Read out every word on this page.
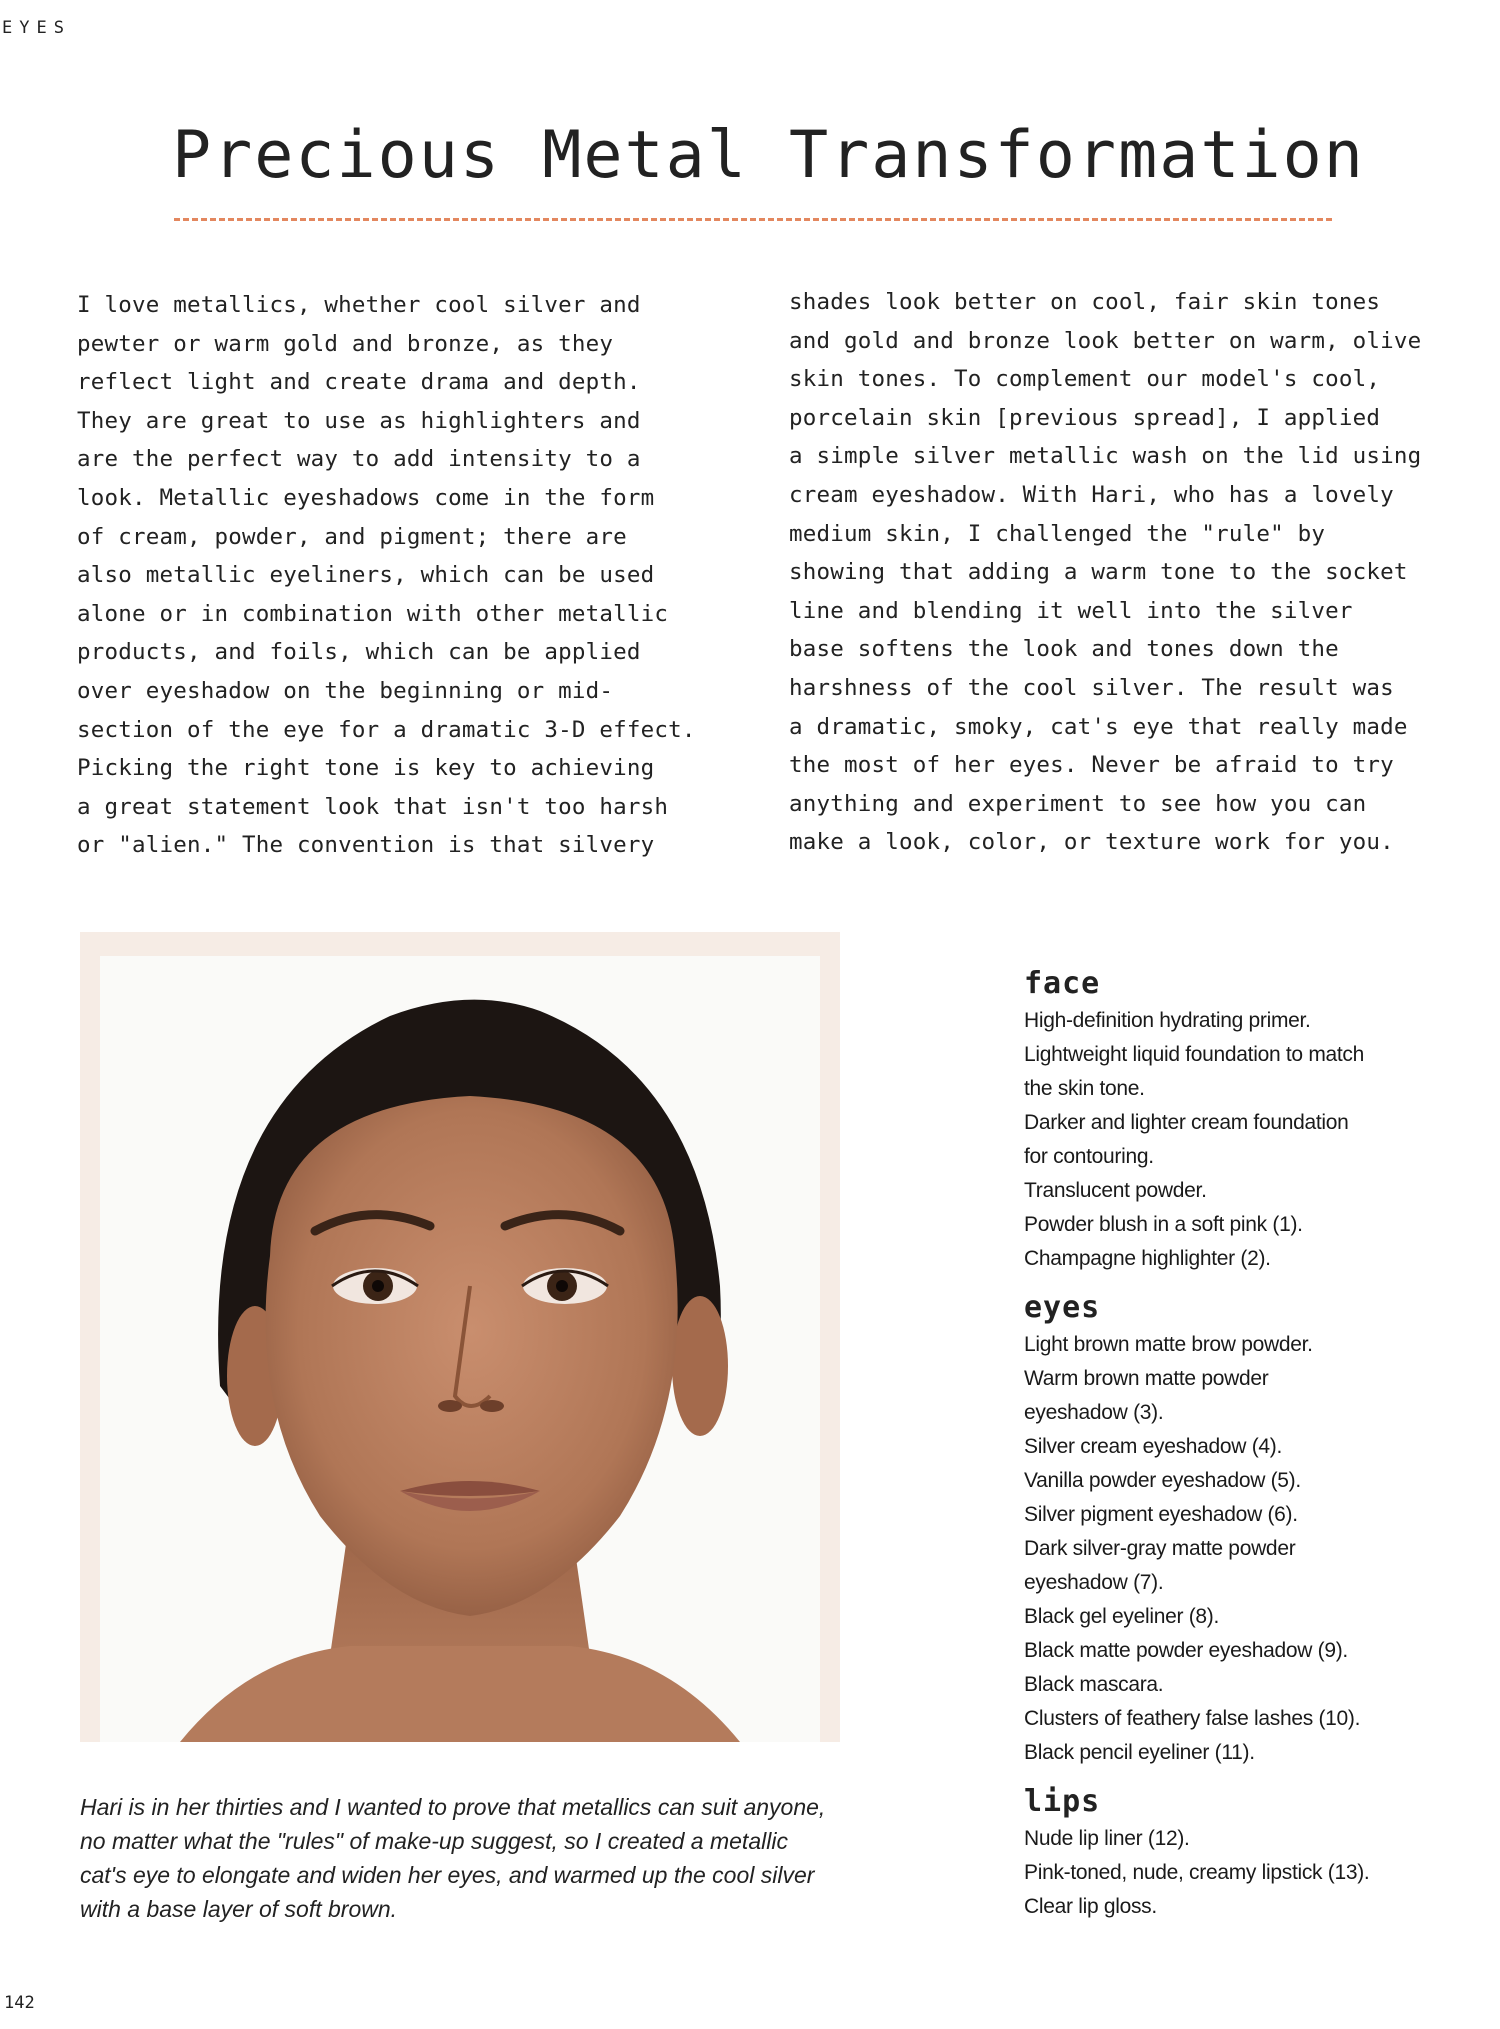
EYES
Precious Metal Transformation

I love metallics, whether cool silver and
pewter or warm gold and bronze, as they
reflect light and create drama and depth.
They are great to use as highlighters and
are the perfect way to add intensity to a
look. Metallic eyeshadows come in the form
of cream, powder, and pigment; there are
also metallic eyeliners, which can be used
alone or in combination with other metallic
products, and foils, which can be applied
over eyeshadow on the beginning or mid-
section of the eye for a dramatic 3-D effect.
Picking the right tone is key to achieving
a great statement look that isn't too harsh
or "alien." The convention is that silvery

shades look better on cool, fair skin tones
and gold and bronze look better on warm, olive
skin tones. To complement our model's cool,
porcelain skin [previous spread], I applied
a simple silver metallic wash on the lid using
cream eyeshadow. With Hari, who has a lovely
medium skin, I challenged the "rule" by
showing that adding a warm tone to the socket
line and blending it well into the silver
base softens the look and tones down the
harshness of the cool silver. The result was
a dramatic, smoky, cat's eye that really made
the most of her eyes. Never be afraid to try
anything and experiment to see how you can
make a look, color, or texture work for you.

Hari is in her thirties and I wanted to prove that metallics can suit anyone, no matter what the "rules" of make-up suggest, so I created a metallic cat's eye to elongate and widen her eyes, and warmed up the cool silver with a base layer of soft brown.

face
High-definition hydrating primer.
Lightweight liquid foundation to match
the skin tone.
Darker and lighter cream foundation
for contouring.
Translucent powder.
Powder blush in a soft pink (1).
Champagne highlighter (2).
eyes
Light brown matte brow powder.
Warm brown matte powder
eyeshadow (3).
Silver cream eyeshadow (4).
Vanilla powder eyeshadow (5).
Silver pigment eyeshadow (6).
Dark silver-gray matte powder
eyeshadow (7).
Black gel eyeliner (8).
Black matte powder eyeshadow (9).
Black mascara.
Clusters of feathery false lashes (10).
Black pencil eyeliner (11).
lips
Nude lip liner (12).
Pink-toned, nude, creamy lipstick (13).
Clear lip gloss.
142
